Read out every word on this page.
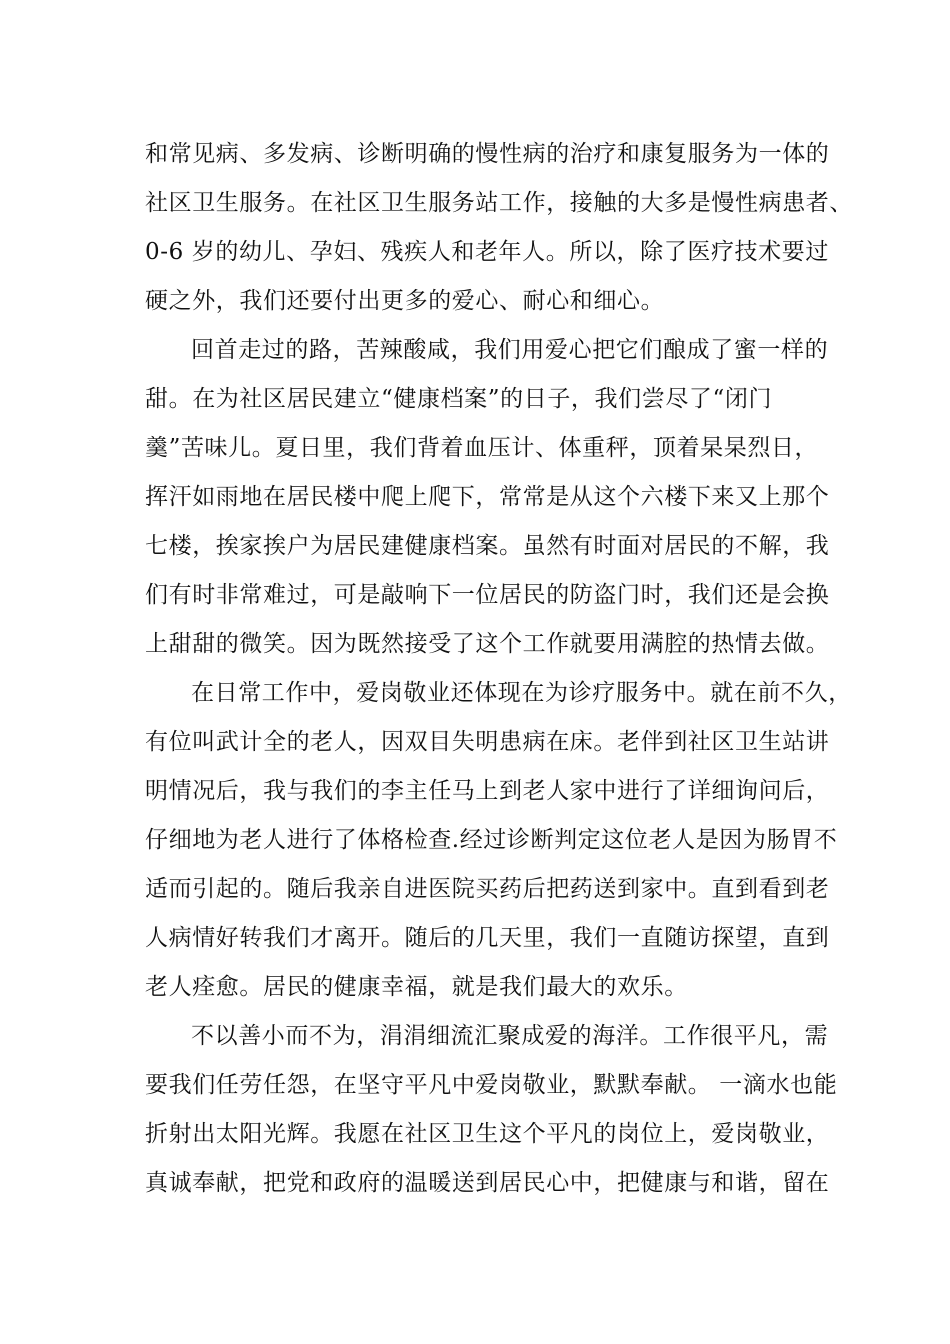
和常见病、多发病、诊断明确的慢性病的治疗和康复服务为一体的
社区卫生服务。在社区卫生服务站工作，接触的大多是慢性病患者、
0-6 岁的幼儿、孕妇、残疾人和老年人。所以，除了医疗技术要过
硬之外，我们还要付出更多的爱心、耐心和细心。
回首走过的路，苦辣酸咸，我们用爱心把它们酿成了蜜一样的
甜。在为社区居民建立“健康档案”的日子，我们尝尽了“闭门
羹”苦味儿。夏日里，我们背着血压计、体重秤，顶着杲杲烈日，
挥汗如雨地在居民楼中爬上爬下，常常是从这个六楼下来又上那个
七楼，挨家挨户为居民建健康档案。虽然有时面对居民的不解，我
们有时非常难过，可是敲响下一位居民的防盗门时，我们还是会换
上甜甜的微笑。因为既然接受了这个工作就要用满腔的热情去做。
在日常工作中，爱岗敬业还体现在为诊疗服务中。就在前不久，
有位叫武计全的老人，因双目失明患病在床。老伴到社区卫生站讲
明情况后，我与我们的李主任马上到老人家中进行了详细询问后，
仔细地为老人进行了体格检查.经过诊断判定这位老人是因为肠胃不
适而引起的。随后我亲自进医院买药后把药送到家中。直到看到老
人病情好转我们才离开。随后的几天里，我们一直随访探望，直到
老人痊愈。居民的健康幸福，就是我们最大的欢乐。
不以善小而不为，涓涓细流汇聚成爱的海洋。工作很平凡，需
要我们任劳任怨，在坚守平凡中爱岗敬业，默默奉献。 一滴水也能
折射出太阳光辉。我愿在社区卫生这个平凡的岗位上，爱岗敬业，
真诚奉献，把党和政府的温暖送到居民心中，把健康与和谐，留在
